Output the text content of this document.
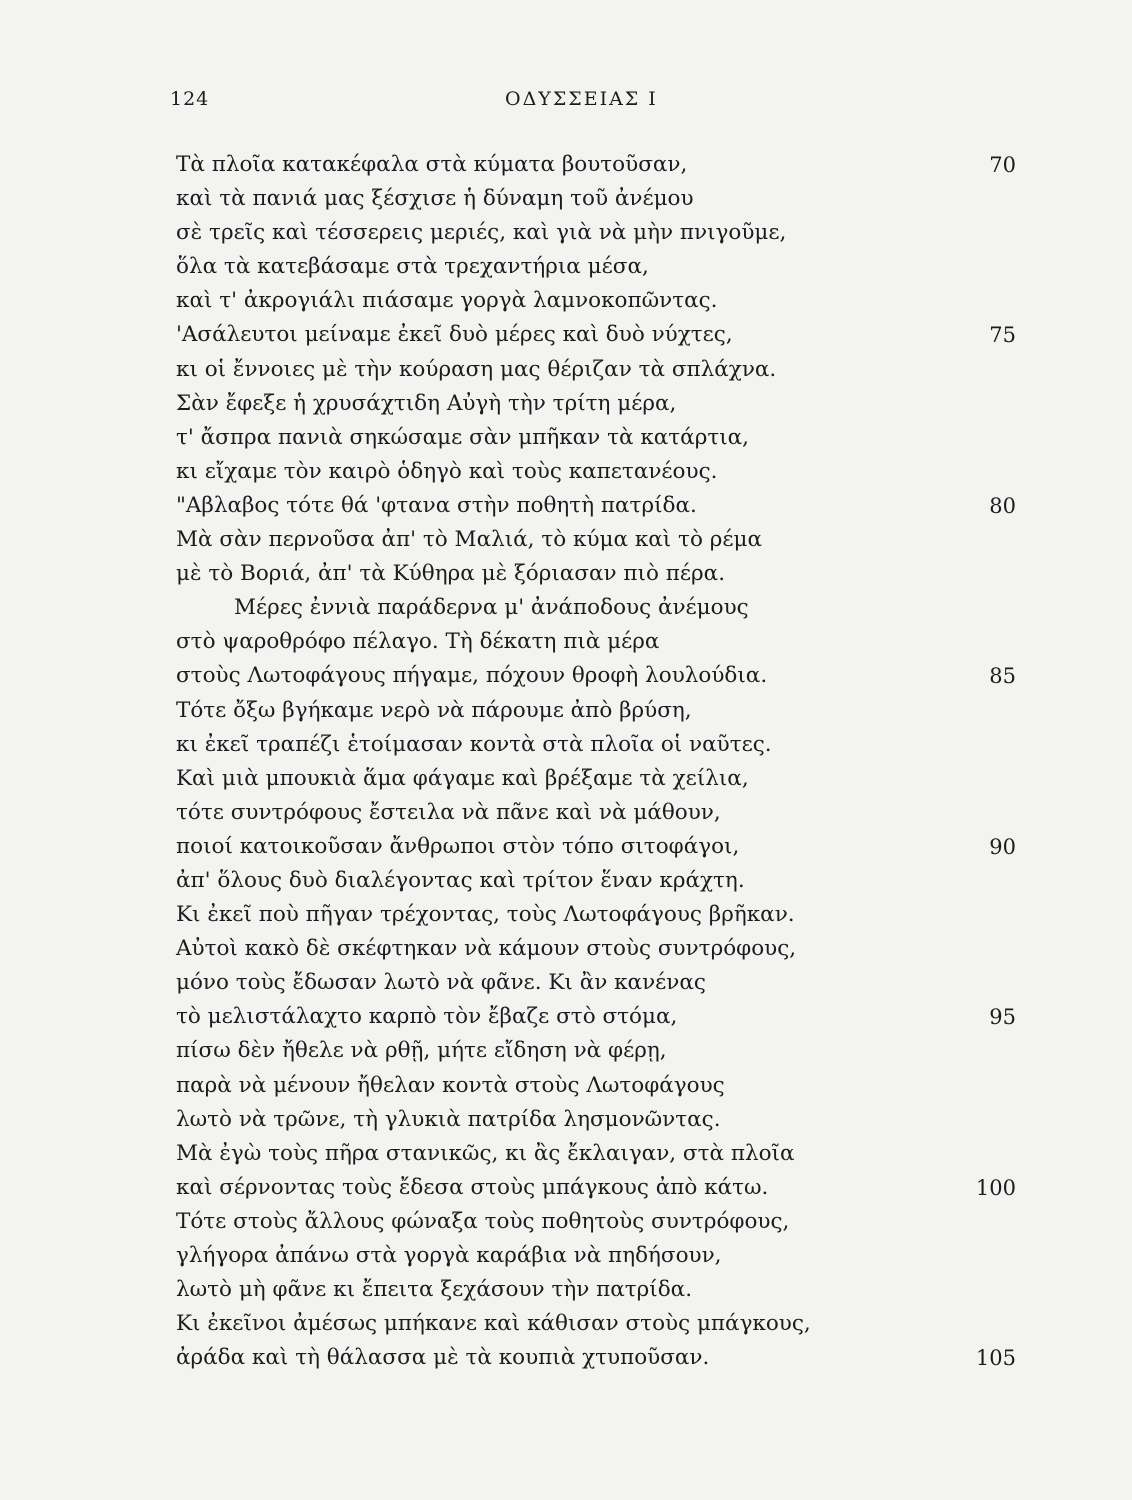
124	ΟΔΥΣΣΕΙΑΣ Ι
Τὰ πλοῖα κατακέφαλα στὰ κύματα βουτοῦσαν,	70
καὶ τὰ πανιά μας ξέσχισε ἡ δύναμη τοῦ ἀνέμου
σὲ τρεῖς καὶ τέσσερεις μεριές, καὶ γιὰ νὰ μὴν πνιγοῦμε,
ὅλα τὰ κατεβάσαμε στὰ τρεχαντήρια μέσα,
καὶ τ' ἀκρογιάλι πιάσαμε γοργὰ λαμνοκοπῶντας.
'Ασάλευτοι μείναμε ἐκεῖ δυὸ μέρες καὶ δυὸ νύχτες,	75
κι οἱ ἔννοιες μὲ τὴν κούραση μας θέριζαν τὰ σπλάχνα.
Σὰν ἔφεξε ἡ χρυσάχτιδη Αὐγὴ τὴν τρίτη μέρα,
τ' ἄσπρα πανιὰ σηκώσαμε σὰν μπῆκαν τὰ κατάρτια,
κι εἴχαμε τὸν καιρὸ ὁδηγὸ καὶ τοὺς καπετανέους.
"Αβλαβος τότε θά 'φτανα στὴν ποθητὴ πατρίδα.	80
Μὰ σὰν περνοῦσα ἀπ' τὸ Μαλιά, τὸ κύμα καὶ τὸ ρέμα
μὲ τὸ Βοριά, ἀπ' τὰ Κύθηρα μὲ ξόριασαν πιὸ πέρα.
Μέρες ἐννιὰ παράδερνα μ' ἀνάποδους ἀνέμους
στὸ ψαροθρόφο πέλαγο. Τὴ δέκατη πιὰ μέρα
στοὺς Λωτοφάγους πήγαμε, πόχουν θροφὴ λουλούδια.	85
Τότε ὄξω βγήκαμε νερὸ νὰ πάρουμε ἀπὸ βρύση,
κι ἐκεῖ τραπέζι ἑτοίμασαν κοντὰ στὰ πλοῖα οἱ ναῦτες.
Καὶ μιὰ μπουκιὰ ἅμα φάγαμε καὶ βρέξαμε τὰ χείλια,
τότε συντρόφους ἔστειλα νὰ πᾶνε καὶ νὰ μάθουν,
ποιοί κατοικοῦσαν ἄνθρωποι στὸν τόπο σιτοφάγοι,	90
ἀπ' ὅλους δυὸ διαλέγοντας καὶ τρίτον ἕναν κράχτη.
Κι ἐκεῖ ποὺ πῆγαν τρέχοντας, τοὺς Λωτοφάγους βρῆκαν.
Αὐτοὶ κακὸ δὲ σκέφτηκαν νὰ κάμουν στοὺς συντρόφους,
μόνο τοὺς ἔδωσαν λωτὸ νὰ φᾶνε. Κι ἂν κανένας
τὸ μελιστάλαχτο καρπὸ τὸν ἔβαζε στὸ στόμα,	95
πίσω δὲν ἤθελε νὰ ρθῇ, μήτε εἴδηση νὰ φέρῃ,
παρὰ νὰ μένουν ἤθελαν κοντὰ στοὺς Λωτοφάγους
λωτὸ νὰ τρῶνε, τὴ γλυκιὰ πατρίδα λησμονῶντας.
Μὰ ἐγὼ τοὺς πῆρα στανικῶς, κι ἂς ἔκλαιγαν, στὰ πλοῖα
καὶ σέρνοντας τοὺς ἔδεσα στοὺς μπάγκους ἀπὸ κάτω.	100
Τότε στοὺς ἄλλους φώναξα τοὺς ποθητοὺς συντρόφους,
γλήγορα ἀπάνω στὰ γοργὰ καράβια νὰ πηδήσουν,
λωτὸ μὴ φᾶνε κι ἔπειτα ξεχάσουν τὴν πατρίδα.
Κι ἐκεῖνοι ἀμέσως μπήκανε καὶ κάθισαν στοὺς μπάγκους,
ἀράδα καὶ τὴ θάλασσα μὲ τὰ κουπιὰ χτυποῦσαν.	105
